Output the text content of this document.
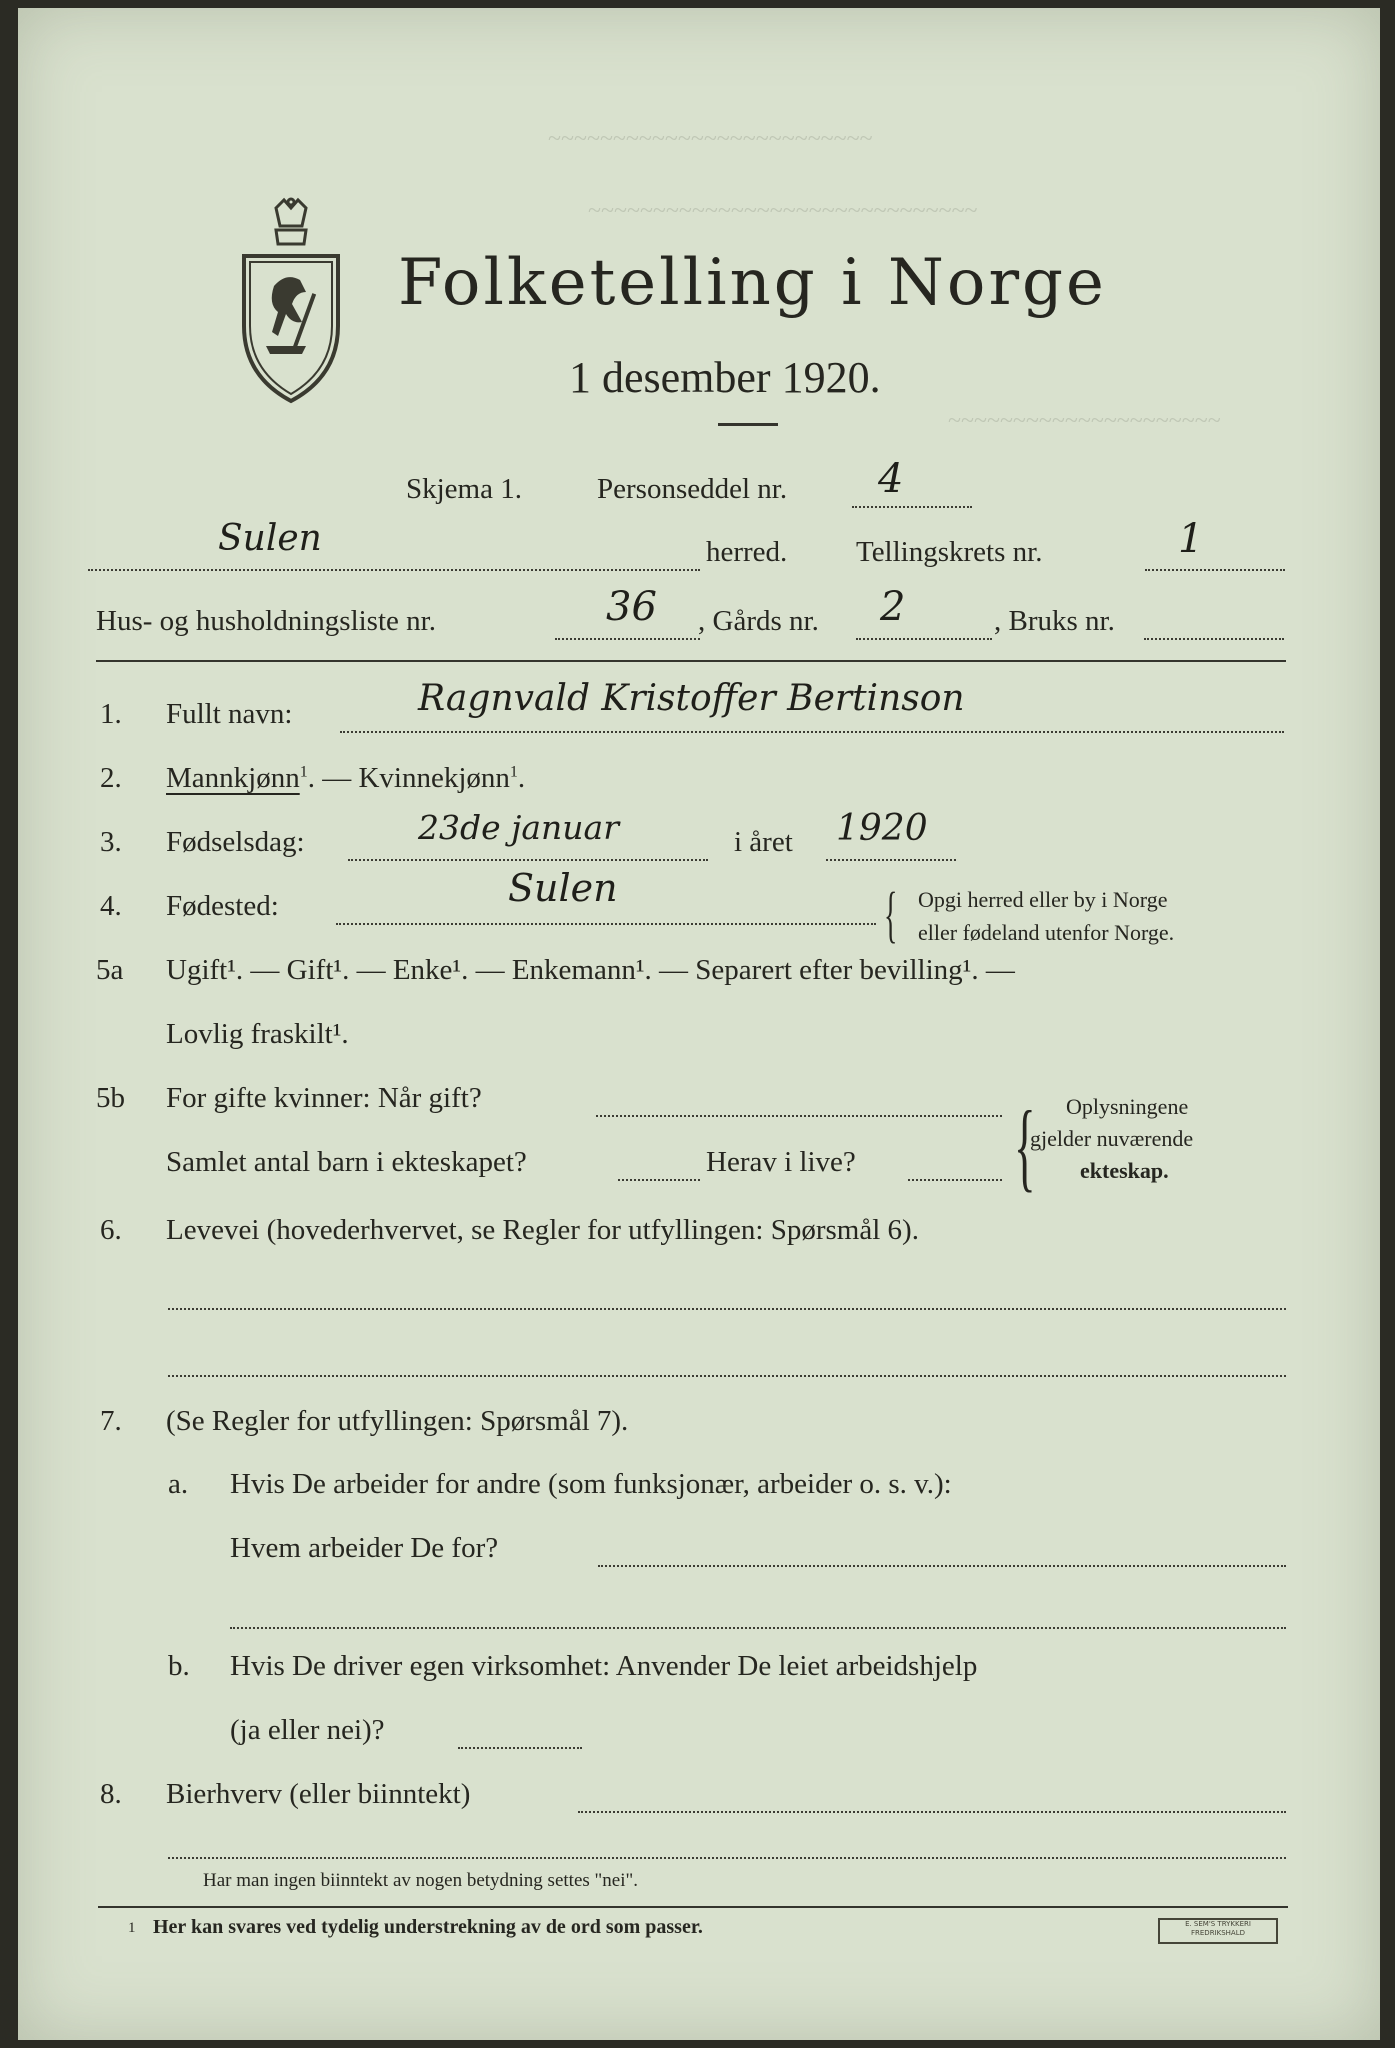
Folketelling i Norge
1 desember 1920.
~~~~~~~~~~~~~~~~~~~~~~~~~
~~~~~~~~~~~~~~~~~~~~~~~~~~~~~~
~~~~~~~~~~~~~~~~~~~~~
Skjema 1.	Personseddel nr. 4
Sulen	herred. Tellingskrets nr.	1
Hus- og husholdningsliste nr.	36 , Gårds nr. 2	, Bruks nr.
1. Fullt navn:	Ragnvald Kristoffer Bertinson
2. Mannkjønn$^1$. — Kvinnekjønn$^1$.
3. Fødselsdag:	23de januar	i året 1920
4. Fødested:	Sulen	{ Opgi herred eller by i Norge
eller fødeland utenfor Norge.
5a Ugift¹. — Gift¹. — Enke¹. — Enkemann¹. — Separert efter bevilling¹. —
Lovlig fraskilt¹.
5b For gifte kvinner: Når gift?
Samlet antal barn i ekteskapet?	Herav i live? { Oplysningene
gjelder nuværende
ekteskap.
6. Levevei (hovederhvervet, se Regler for utfyllingen: Spørsmål 6).
7. (Se Regler for utfyllingen: Spørsmål 7).
a. Hvis De arbeider for andre (som funksjonær, arbeider o. s. v.):
Hvem arbeider De for?
b. Hvis De driver egen virksomhet: Anvender De leiet arbeidshjelp
(ja eller nei)?
8. Bierhverv (eller biinntekt)
Har man ingen biinntekt av nogen betydning settes "nei".
1 Her kan svares ved tydelig understrekning av de ord som passer.	E. SEM'S TRYKKERI FREDRIKSHALD
